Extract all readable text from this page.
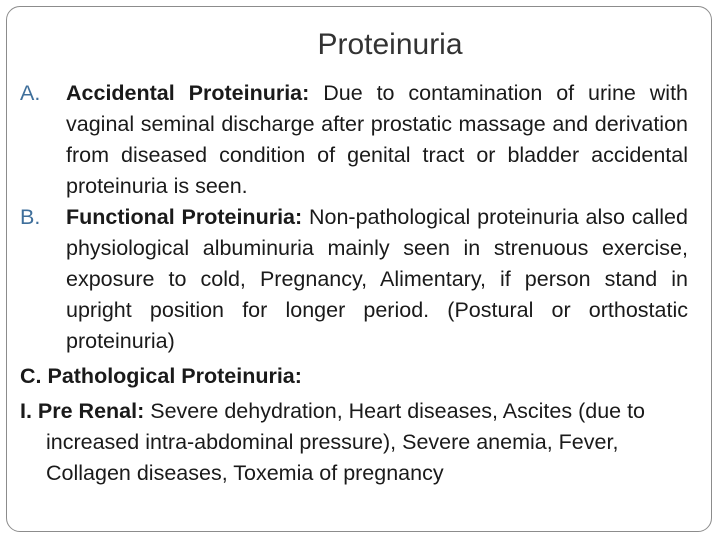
Proteinuria
A.	Accidental Proteinuria: Due to contamination of urine with vaginal seminal discharge after prostatic massage and derivation from diseased condition of genital tract or bladder accidental proteinuria is seen.
B.	Functional Proteinuria: Non-pathological proteinuria also called physiological albuminuria mainly seen in strenuous exercise, exposure to cold, Pregnancy, Alimentary, if person stand in upright position for longer period. (Postural or orthostatic proteinuria)
C. Pathological Proteinuria:
I. Pre Renal: Severe dehydration, Heart diseases, Ascites (due to increased intra-abdominal pressure), Severe anemia, Fever, Collagen diseases, Toxemia of pregnancy
